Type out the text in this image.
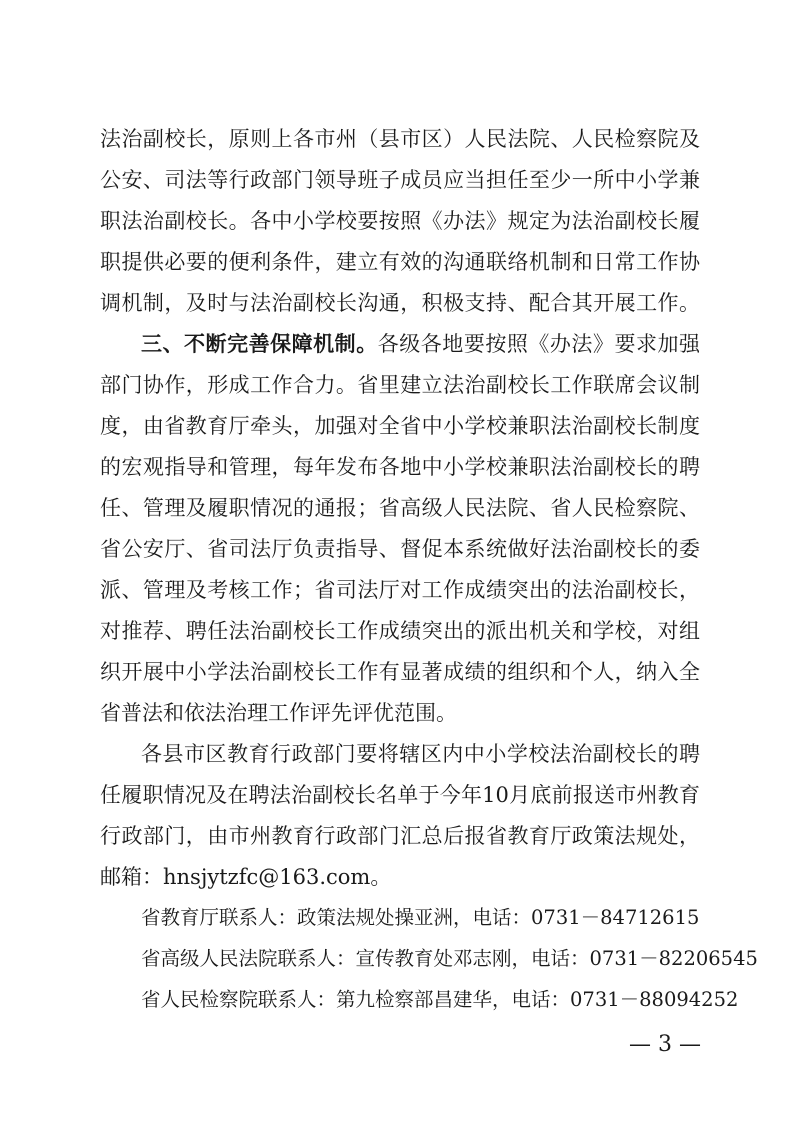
法治副校长，原则上各市州（县市区）人民法院、人民检察院及
公安、司法等行政部门领导班子成员应当担任至少一所中小学兼
职法治副校长。各中小学校要按照《办法》规定为法治副校长履
职提供必要的便利条件，建立有效的沟通联络机制和日常工作协
调机制，及时与法治副校长沟通，积极支持、配合其开展工作。
三、不断完善保障机制。各级各地要按照《办法》要求加强
部门协作，形成工作合力。省里建立法治副校长工作联席会议制
度，由省教育厅牵头，加强对全省中小学校兼职法治副校长制度
的宏观指导和管理，每年发布各地中小学校兼职法治副校长的聘
任、管理及履职情况的通报；省高级人民法院、省人民检察院、
省公安厅、省司法厅负责指导、督促本系统做好法治副校长的委
派、管理及考核工作；省司法厅对工作成绩突出的法治副校长，
对推荐、聘任法治副校长工作成绩突出的派出机关和学校，对组
织开展中小学法治副校长工作有显著成绩的组织和个人，纳入全
省普法和依法治理工作评先评优范围。
各县市区教育行政部门要将辖区内中小学校法治副校长的聘
任履职情况及在聘法治副校长名单于今年10月底前报送市州教育
行政部门，由市州教育行政部门汇总后报省教育厅政策法规处，
邮箱：hnsjytzfc@163.com。
省教育厅联系人：政策法规处操亚洲，电话：0731－84712615
省高级人民法院联系人：宣传教育处邓志刚，电话：0731－82206545
省人民检察院联系人：第九检察部昌建华，电话：0731－88094252
— 3 —
